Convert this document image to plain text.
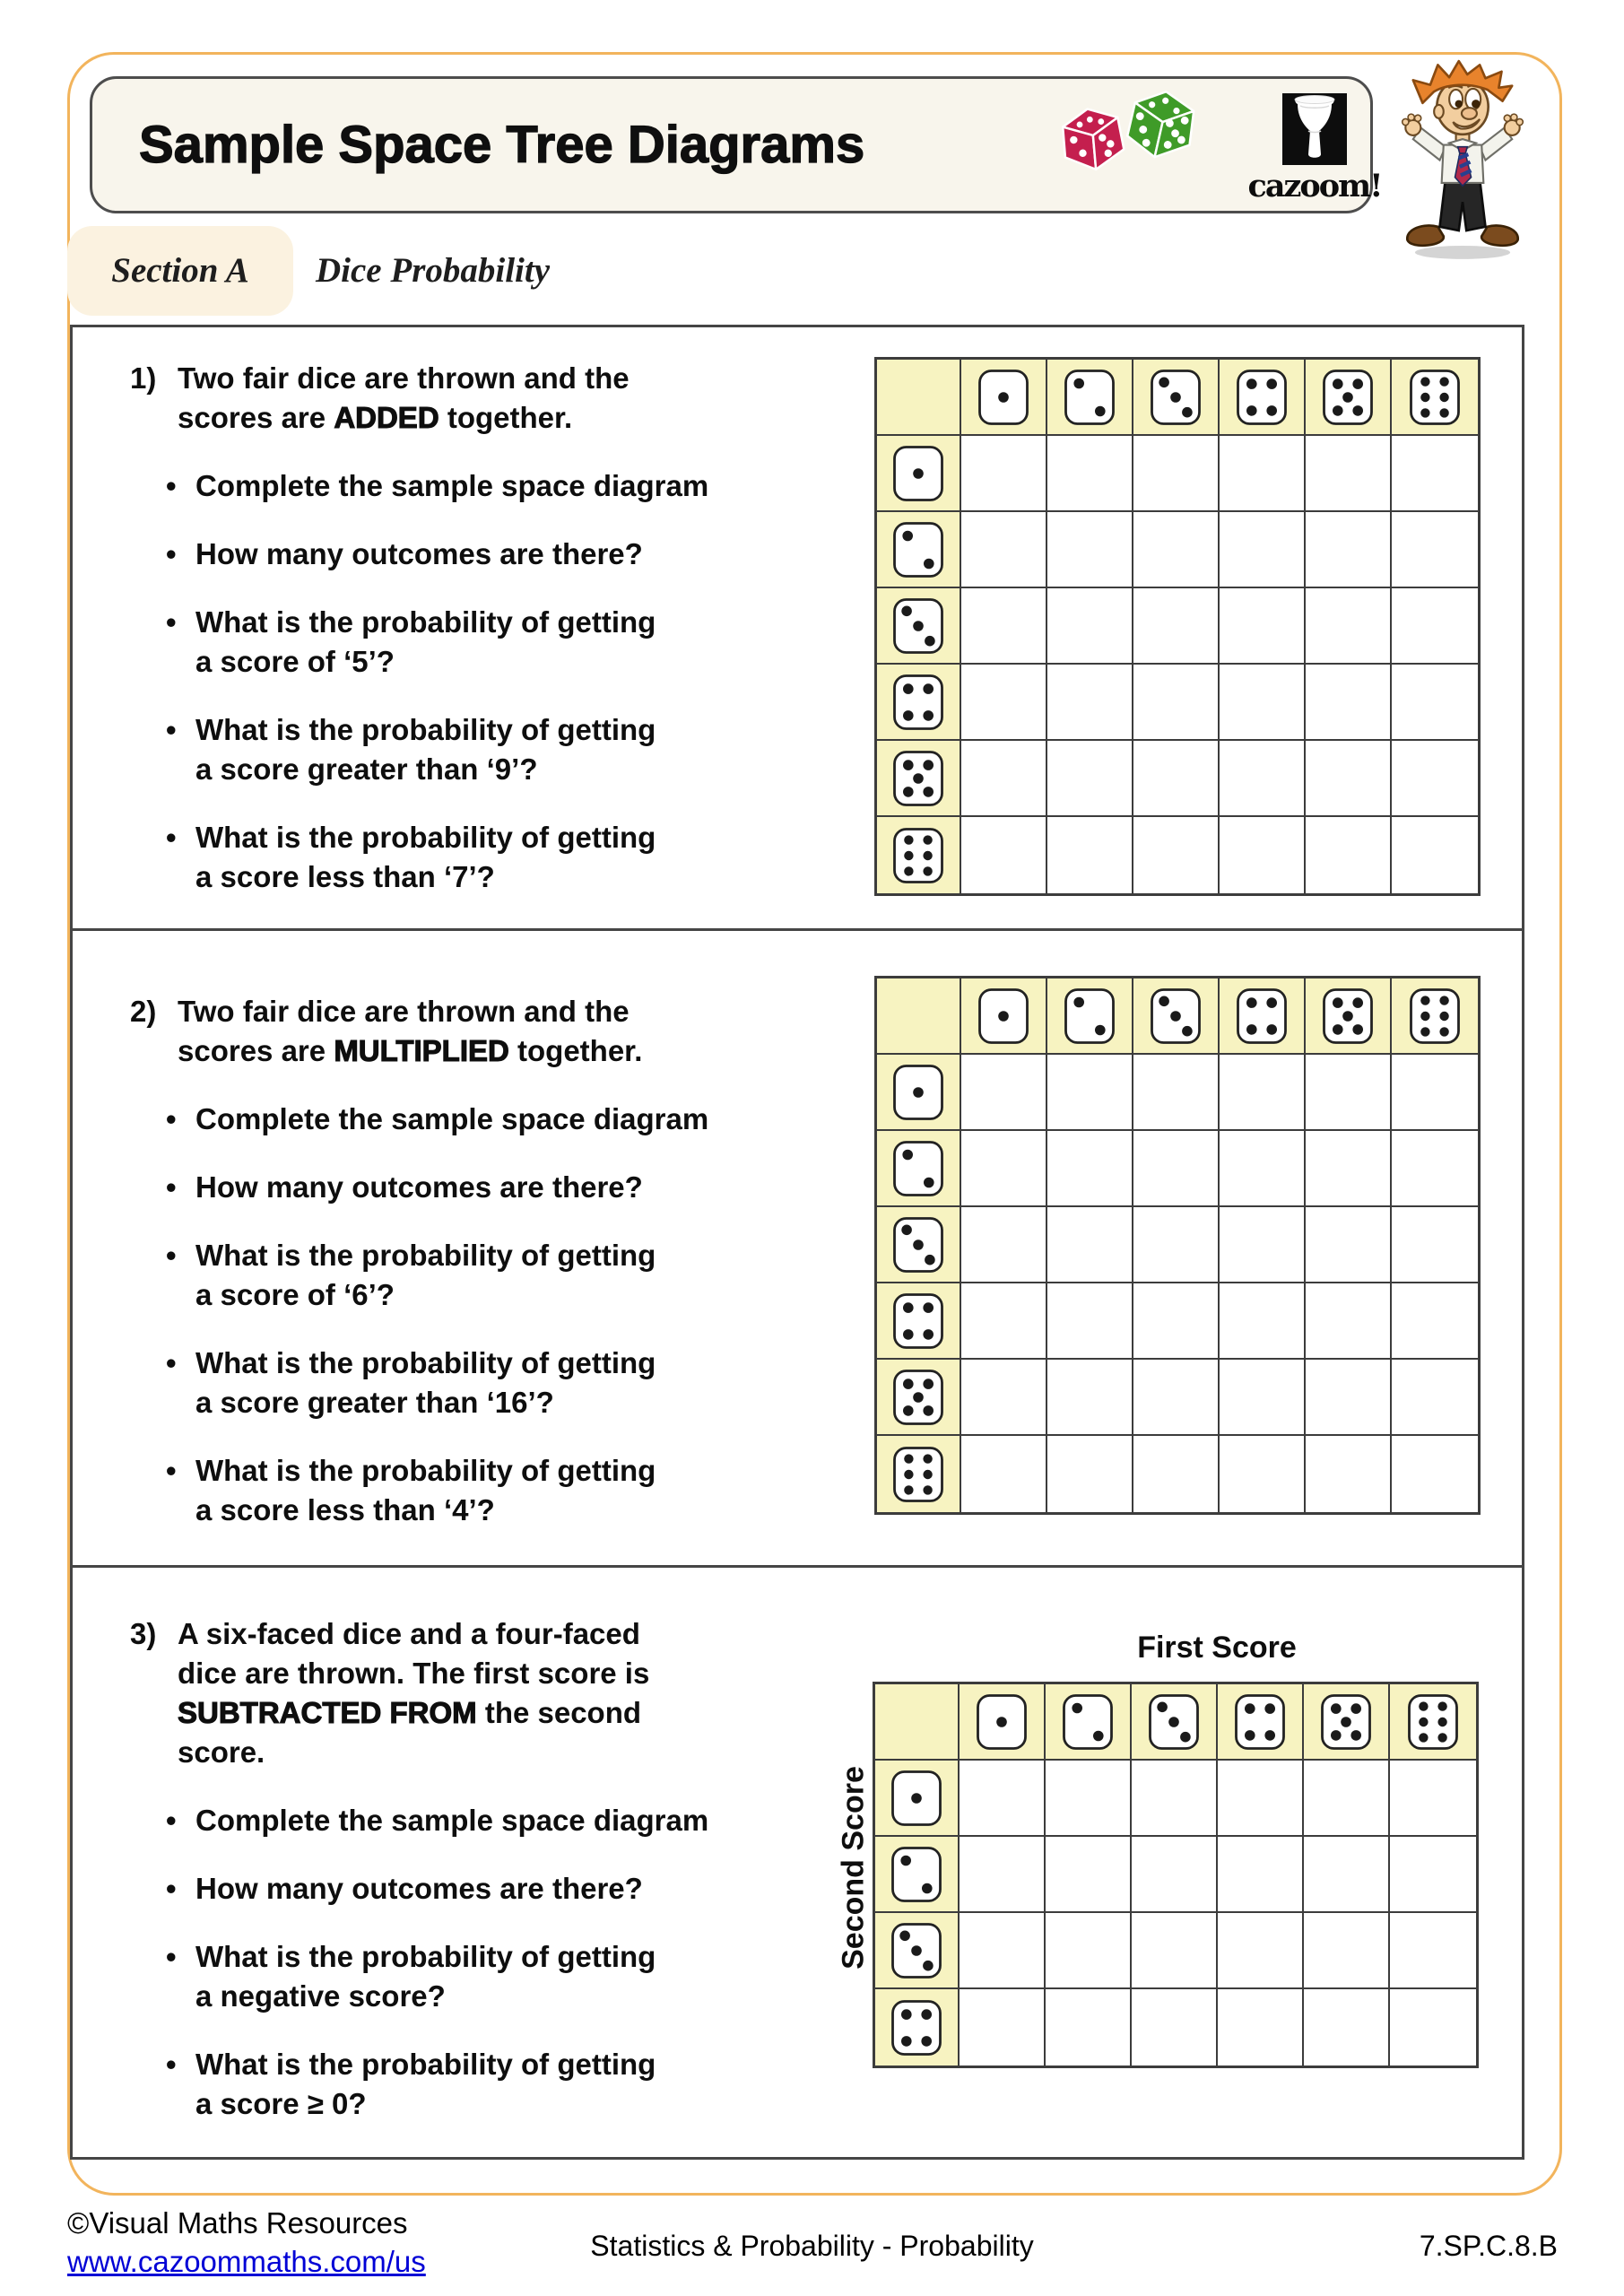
Sample Space Tree Diagrams
cazoom!
Section A	Dice Probability
1) Two fair dice are thrown and the
scores are ADDED together.
• Complete the sample space diagram
• How many outcomes are there?
• What is the probability of getting
a score of ‘5’?
• What is the probability of getting
a score greater than ‘9’?
• What is the probability of getting
a score less than ‘7’?
2) Two fair dice are thrown and the
scores are MULTIPLIED together.
• Complete the sample space diagram
• How many outcomes are there?
• What is the probability of getting
a score of ‘6’?
• What is the probability of getting
a score greater than ‘16’?
• What is the probability of getting
a score less than ‘4’?
3) A six-faced dice and a four-faced
dice are thrown. The first score is
SUBTRACTED FROM the second
score.
• Complete the sample space diagram
• How many outcomes are there?
• What is the probability of getting
a negative score?
• What is the probability of getting
a score ≥ 0?
First Score
Second Score
©Visual Maths Resources
www.cazoommaths.com/us	Statistics & Probability - Probability	7.SP.C.8.B
